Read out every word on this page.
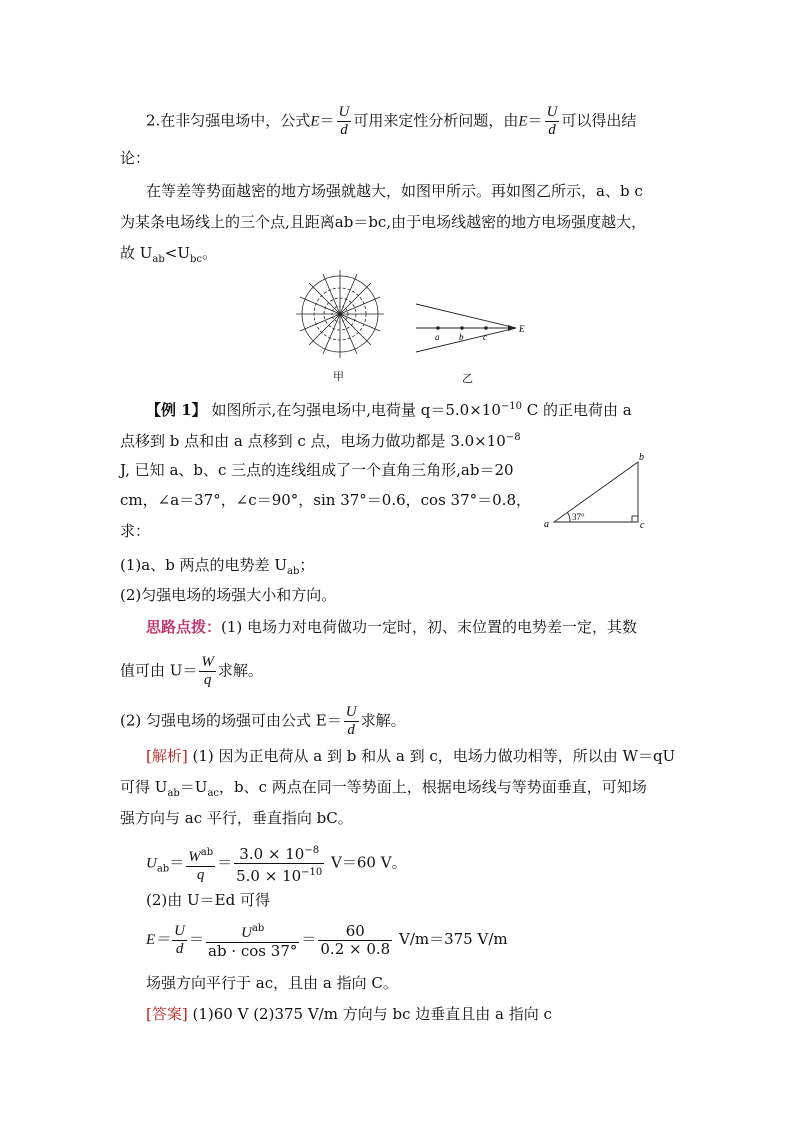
2.在非匀强电场中，公式$E= \frac{U}{d}$ 可用来定性分析问题，由$E= \frac{U}{d}$ 可以得出结
论：
在等差等势面越密的地方场强就越大，如图甲所示。再如图乙所示，a、b c
为某条电场线上的三个点,且距离ab＝bc,由于电场线越密的地方电场强度越大，
故 $U_{ab}<U_{bc}$。
甲
a b c
E
乙
【例 1】 如图所示,在匀强电场中,电荷量 $q=5.0\times 10^{-10}$ C 的正电荷由 a
点移到 b 点和由 a 点移到 c 点，电场力做功都是 $3.0\times 10^{-8}$
J, 已知 a、b、c 三点的连线组成了一个直角三角形,ab＝20
cm，∠a＝37°，∠c＝90°，sin 37°＝0.6，cos 37°＝0.8，
求：	a
b
c
37°
(1)a、b 两点的电势差 $U_{ab}$；
(2)匀强电场的场强大小和方向。
思路点拨：(1) 电场力对电荷做功一定时，初、末位置的电势差一定，其数
值可由 $U= \frac{W}{q}$ 求解。
(2) 匀强电场的场强可由公式 $E= \frac{U}{d}$ 求解。
[解析] (1) 因为正电荷从 a 到 b 和从 a 到 c，电场力做功相等，所以由 W＝qU
可得 $U_{ab}=U_{ac}$，b、c 两点在同一等势面上，根据电场线与等势面垂直，可知场
强方向与 ac 平行，垂直指向 bC。
$U_{ab}= W^{ab}$
q
＝ $\frac{3.0 \times 10^{-8}}{5.0 \times 10^{-10}} V=60$ V。
(2)由 U＝Ed 可得
$E= \frac{U}{d}$ ＝	$U^{ab}$
ab · cos 37°
＝ $\frac{60}{0.2 \times 0.8} V/m=375$ V/m
场强方向平行于 ac，且由 a 指向 C。
[答案] (1)60 V (2)375 V/m 方向与 bc 边垂直且由 a 指向 c
